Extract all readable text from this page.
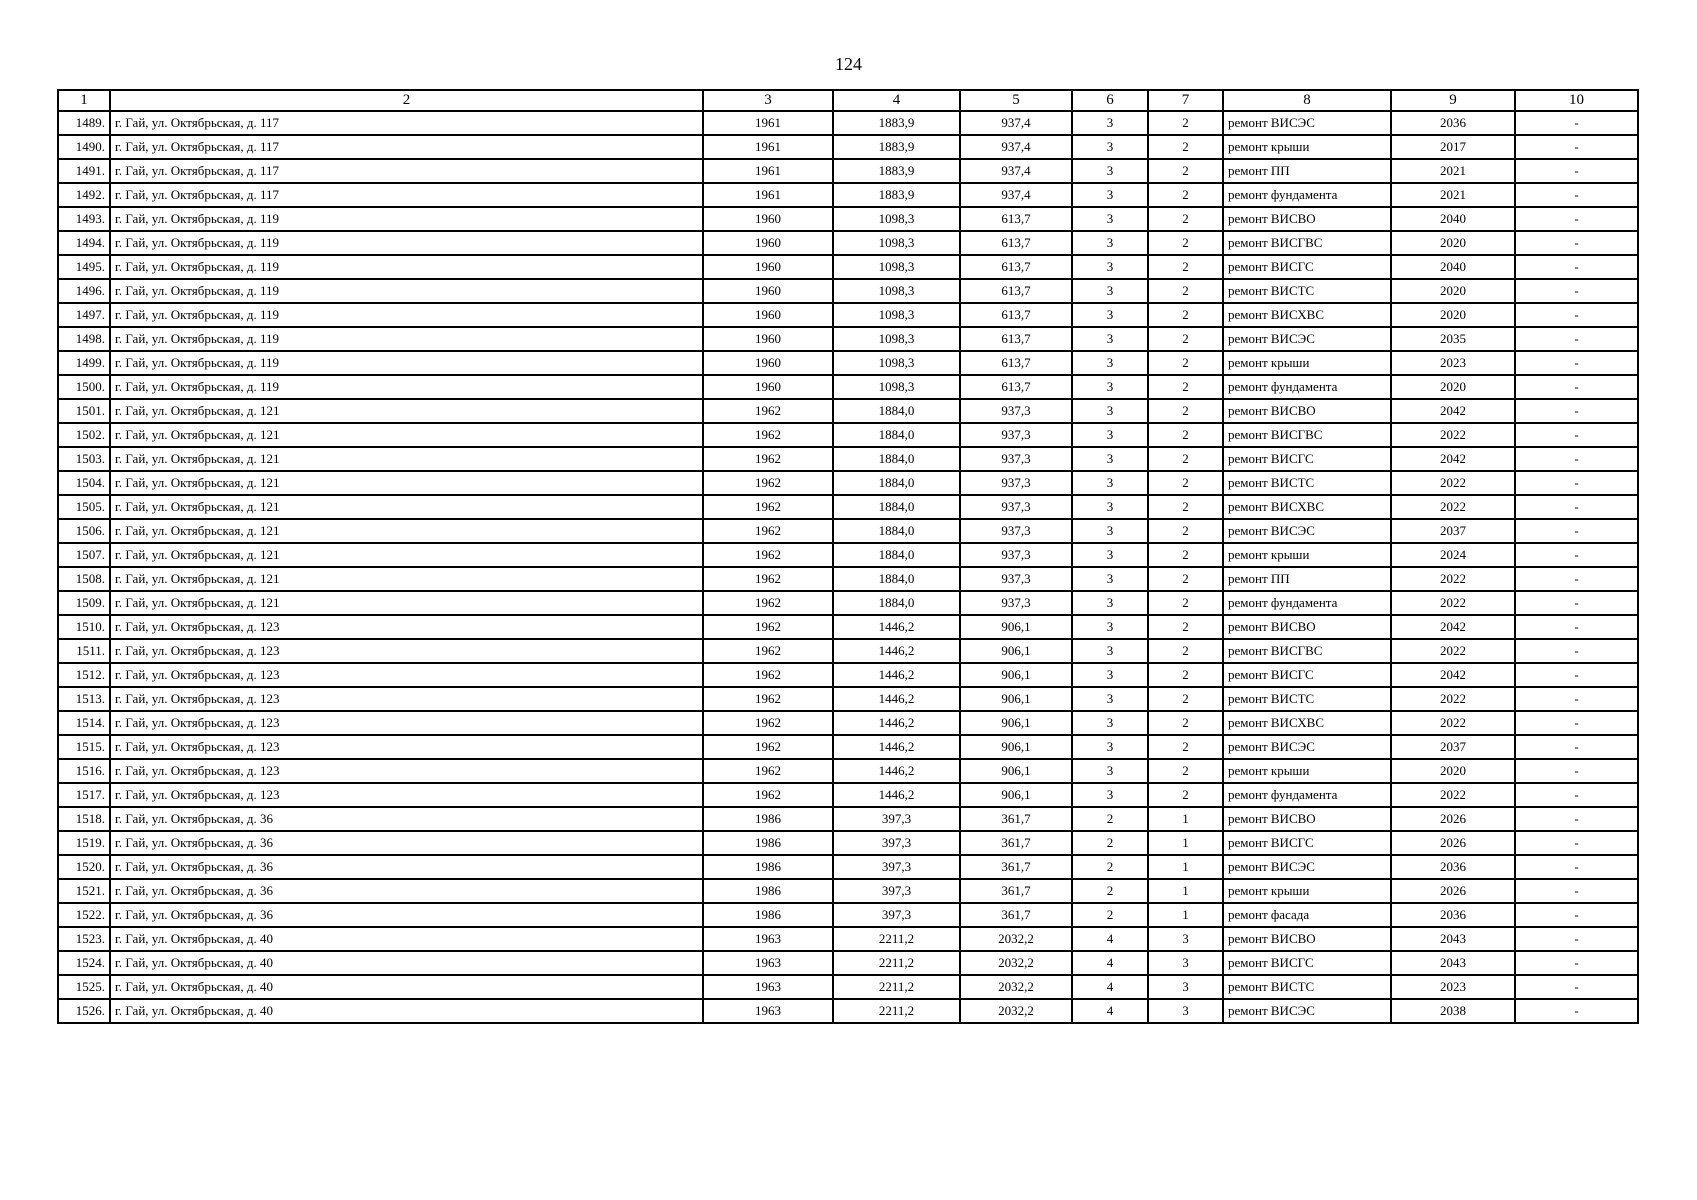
124
1	2	3	4	5	6	7	8	9	10
1489.	г. Гай, ул. Октябрьская, д. 117	1961	1883,9	937,4	3	2	ремонт ВИСЭС	2036	-
1490.	г. Гай, ул. Октябрьская, д. 117	1961	1883,9	937,4	3	2	ремонт крыши	2017	-
1491.	г. Гай, ул. Октябрьская, д. 117	1961	1883,9	937,4	3	2	ремонт ПП	2021	-
1492.	г. Гай, ул. Октябрьская, д. 117	1961	1883,9	937,4	3	2	ремонт фундамента	2021	-
1493.	г. Гай, ул. Октябрьская, д. 119	1960	1098,3	613,7	3	2	ремонт ВИСВО	2040	-
1494.	г. Гай, ул. Октябрьская, д. 119	1960	1098,3	613,7	3	2	ремонт ВИСГВС	2020	-
1495.	г. Гай, ул. Октябрьская, д. 119	1960	1098,3	613,7	3	2	ремонт ВИСГС	2040	-
1496.	г. Гай, ул. Октябрьская, д. 119	1960	1098,3	613,7	3	2	ремонт ВИСТС	2020	-
1497.	г. Гай, ул. Октябрьская, д. 119	1960	1098,3	613,7	3	2	ремонт ВИСХВС	2020	-
1498.	г. Гай, ул. Октябрьская, д. 119	1960	1098,3	613,7	3	2	ремонт ВИСЭС	2035	-
1499.	г. Гай, ул. Октябрьская, д. 119	1960	1098,3	613,7	3	2	ремонт крыши	2023	-
1500.	г. Гай, ул. Октябрьская, д. 119	1960	1098,3	613,7	3	2	ремонт фундамента	2020	-
1501.	г. Гай, ул. Октябрьская, д. 121	1962	1884,0	937,3	3	2	ремонт ВИСВО	2042	-
1502.	г. Гай, ул. Октябрьская, д. 121	1962	1884,0	937,3	3	2	ремонт ВИСГВС	2022	-
1503.	г. Гай, ул. Октябрьская, д. 121	1962	1884,0	937,3	3	2	ремонт ВИСГС	2042	-
1504.	г. Гай, ул. Октябрьская, д. 121	1962	1884,0	937,3	3	2	ремонт ВИСТС	2022	-
1505.	г. Гай, ул. Октябрьская, д. 121	1962	1884,0	937,3	3	2	ремонт ВИСХВС	2022	-
1506.	г. Гай, ул. Октябрьская, д. 121	1962	1884,0	937,3	3	2	ремонт ВИСЭС	2037	-
1507.	г. Гай, ул. Октябрьская, д. 121	1962	1884,0	937,3	3	2	ремонт крыши	2024	-
1508.	г. Гай, ул. Октябрьская, д. 121	1962	1884,0	937,3	3	2	ремонт ПП	2022	-
1509.	г. Гай, ул. Октябрьская, д. 121	1962	1884,0	937,3	3	2	ремонт фундамента	2022	-
1510.	г. Гай, ул. Октябрьская, д. 123	1962	1446,2	906,1	3	2	ремонт ВИСВО	2042	-
1511.	г. Гай, ул. Октябрьская, д. 123	1962	1446,2	906,1	3	2	ремонт ВИСГВС	2022	-
1512.	г. Гай, ул. Октябрьская, д. 123	1962	1446,2	906,1	3	2	ремонт ВИСГС	2042	-
1513.	г. Гай, ул. Октябрьская, д. 123	1962	1446,2	906,1	3	2	ремонт ВИСТС	2022	-
1514.	г. Гай, ул. Октябрьская, д. 123	1962	1446,2	906,1	3	2	ремонт ВИСХВС	2022	-
1515.	г. Гай, ул. Октябрьская, д. 123	1962	1446,2	906,1	3	2	ремонт ВИСЭС	2037	-
1516.	г. Гай, ул. Октябрьская, д. 123	1962	1446,2	906,1	3	2	ремонт крыши	2020	-
1517.	г. Гай, ул. Октябрьская, д. 123	1962	1446,2	906,1	3	2	ремонт фундамента	2022	-
1518.	г. Гай, ул. Октябрьская, д. 36	1986	397,3	361,7	2	1	ремонт ВИСВО	2026	-
1519.	г. Гай, ул. Октябрьская, д. 36	1986	397,3	361,7	2	1	ремонт ВИСГС	2026	-
1520.	г. Гай, ул. Октябрьская, д. 36	1986	397,3	361,7	2	1	ремонт ВИСЭС	2036	-
1521.	г. Гай, ул. Октябрьская, д. 36	1986	397,3	361,7	2	1	ремонт крыши	2026	-
1522.	г. Гай, ул. Октябрьская, д. 36	1986	397,3	361,7	2	1	ремонт фасада	2036	-
1523.	г. Гай, ул. Октябрьская, д. 40	1963	2211,2	2032,2	4	3	ремонт ВИСВО	2043	-
1524.	г. Гай, ул. Октябрьская, д. 40	1963	2211,2	2032,2	4	3	ремонт ВИСГС	2043	-
1525.	г. Гай, ул. Октябрьская, д. 40	1963	2211,2	2032,2	4	3	ремонт ВИСТС	2023	-
1526.	г. Гай, ул. Октябрьская, д. 40	1963	2211,2	2032,2	4	3	ремонт ВИСЭС	2038	-
